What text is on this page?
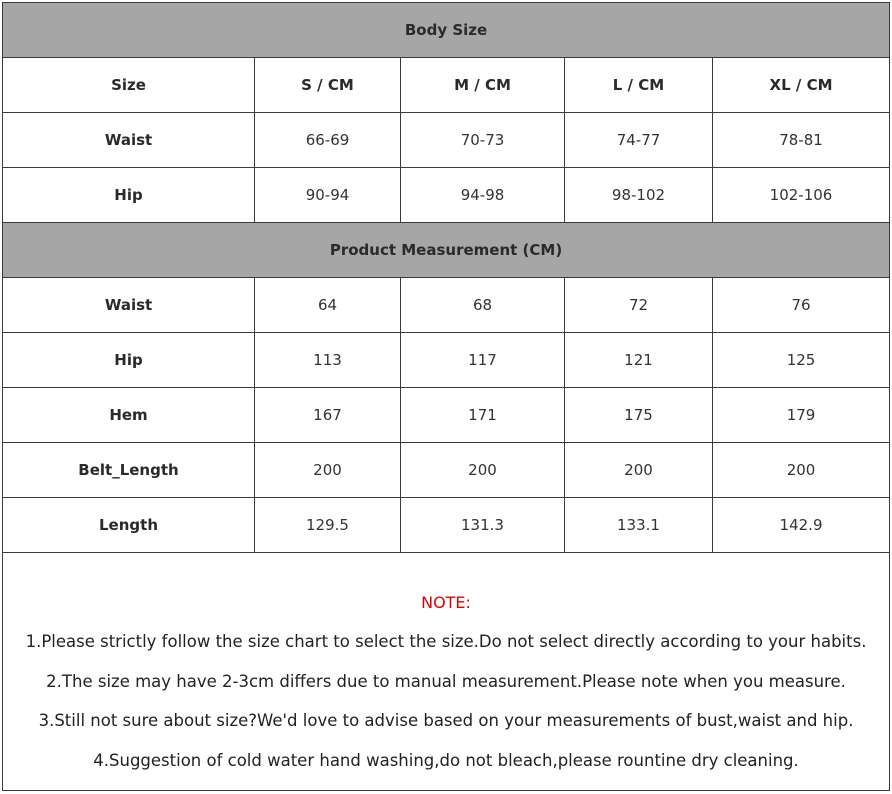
Body Size				
Size	S / CM	M / CM	L / CM	XL / CM
Waist	66-69	70-73	74-77	78-81
Hip	90-94	94-98	98-102	102-106
Product Measurement (CM)				
Waist	64	68	72	76
Hip	113	117	121	125
Hem	167	171	175	179
Belt_Length	200	200	200	200
Length	129.5	131.3	133.1	142.9

NOTE:
1.Please strictly follow the size chart to select the size.Do not select directly according to your habits.
2.The size may have 2-3cm differs due to manual measurement.Please note when you measure.
3.Still not sure about size?We'd love to advise based on your measurements of bust,waist and hip.
4.Suggestion of cold water hand washing,do not bleach,please rountine dry cleaning.				
